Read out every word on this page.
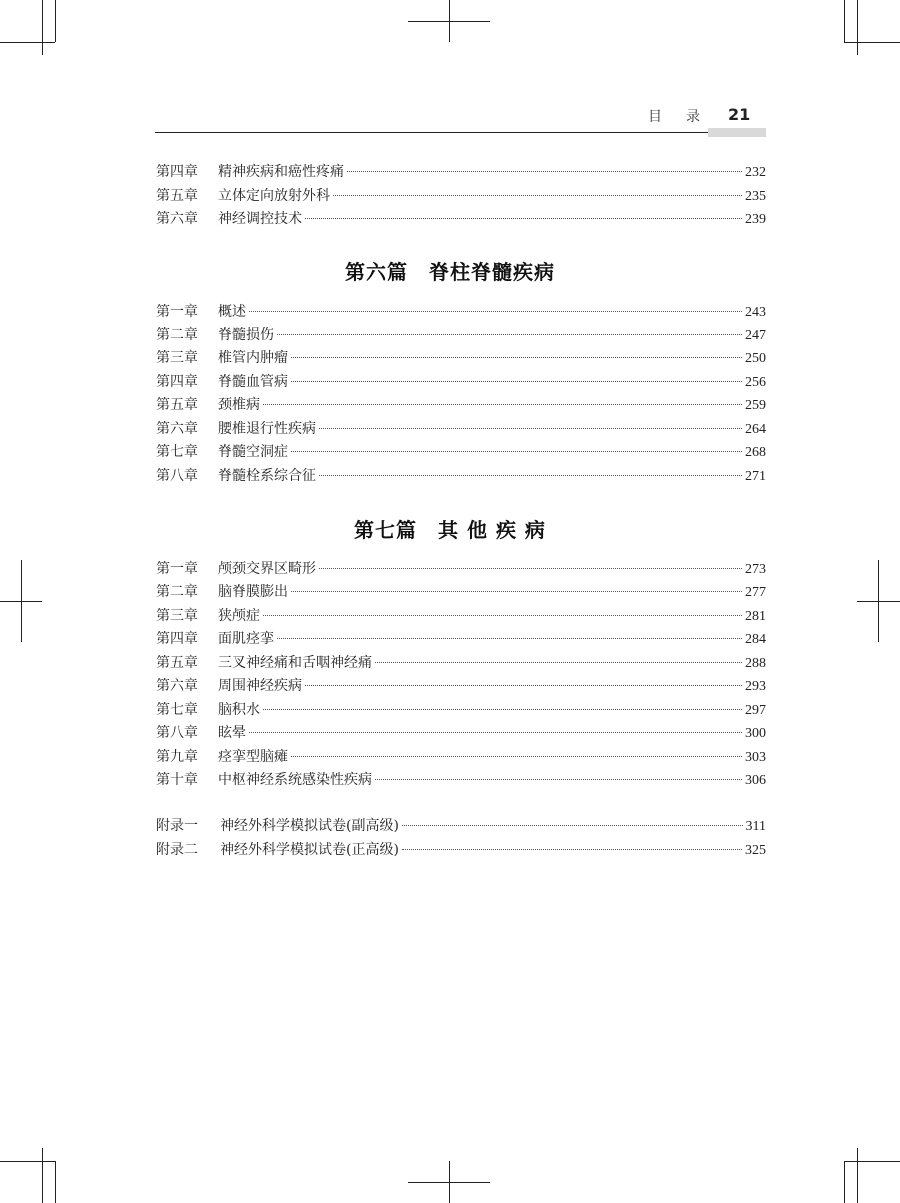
目 录 21
第四章	精神疾病和癌性疼痛	232
第五章	立体定向放射外科	235
第六章	神经调控技术	239
第六篇　脊柱脊髓疾病
第一章	概述	243
第二章	脊髓损伤	247
第三章	椎管内肿瘤	250
第四章	脊髓血管病	256
第五章	颈椎病	259
第六章	腰椎退行性疾病	264
第七章	脊髓空洞症	268
第八章	脊髓栓系综合征	271
第七篇　其 他 疾 病
第一章	颅颈交界区畸形	273
第二章	脑脊膜膨出	277
第三章	狭颅症	281
第四章	面肌痉挛	284
第五章	三叉神经痛和舌咽神经痛	288
第六章	周围神经疾病	293
第七章	脑积水	297
第八章	眩晕	300
第九章	痉挛型脑瘫	303
第十章	中枢神经系统感染性疾病	306
附录一	神经外科学模拟试卷(副高级)	311
附录二	神经外科学模拟试卷(正高级)	325
